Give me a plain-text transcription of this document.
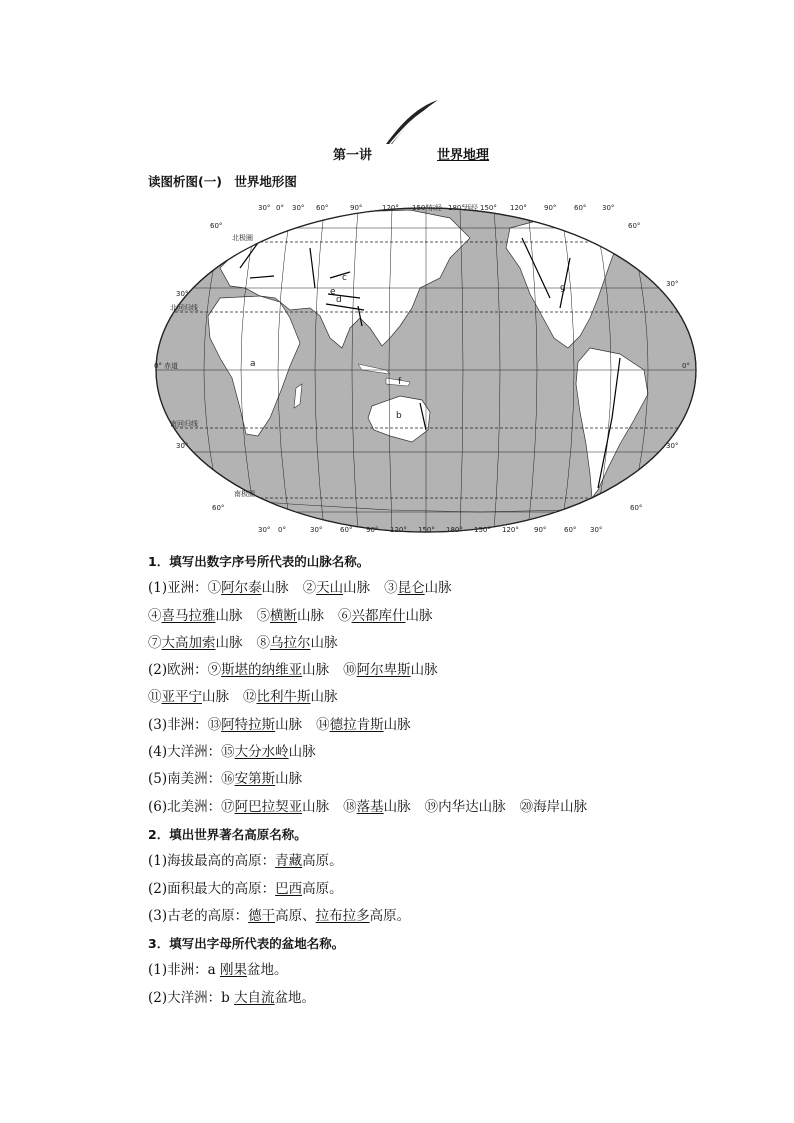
第一讲	世界地理
读图析图(一)　世界地形图
60°
30°
0°
30°
60°
60°
30°
0°
30°
60°
北极圈
北回归线
赤道
南回归线
南极圈
30° 0° 30° 60°	90°	120° 150° 东经 180° 西经 150° 120° 90°	60° 30°
30° 0°	30°	60° 90° 120° 150° 180° 150° 120° 90°	60° 30°
a
b
c
d
e
f
g
1．填写出数字序号所代表的山脉名称。
(1)亚洲：①阿尔泰山脉 ②天山山脉 ③昆仑山脉
④喜马拉雅山脉 ⑤横断山脉 ⑥兴都库什山脉
⑦大高加索山脉 ⑧乌拉尔山脉
(2)欧洲：⑨斯堪的纳维亚山脉 ⑩阿尔卑斯山脉
⑪亚平宁山脉 ⑫比利牛斯山脉
(3)非洲：⑬阿特拉斯山脉 ⑭德拉肯斯山脉
(4)大洋洲：⑮大分水岭山脉
(5)南美洲：⑯安第斯山脉
(6)北美洲：⑰阿巴拉契亚山脉 ⑱落基山脉 ⑲内华达山脉 ⑳海岸山脉
2．填出世界著名高原名称。
(1)海拔最高的高原：青藏高原。
(2)面积最大的高原：巴西高原。
(3)古老的高原：德干高原、拉布拉多高原。
3．填写出字母所代表的盆地名称。
(1)非洲：a 刚果盆地。
(2)大洋洲：b 大自流盆地。
